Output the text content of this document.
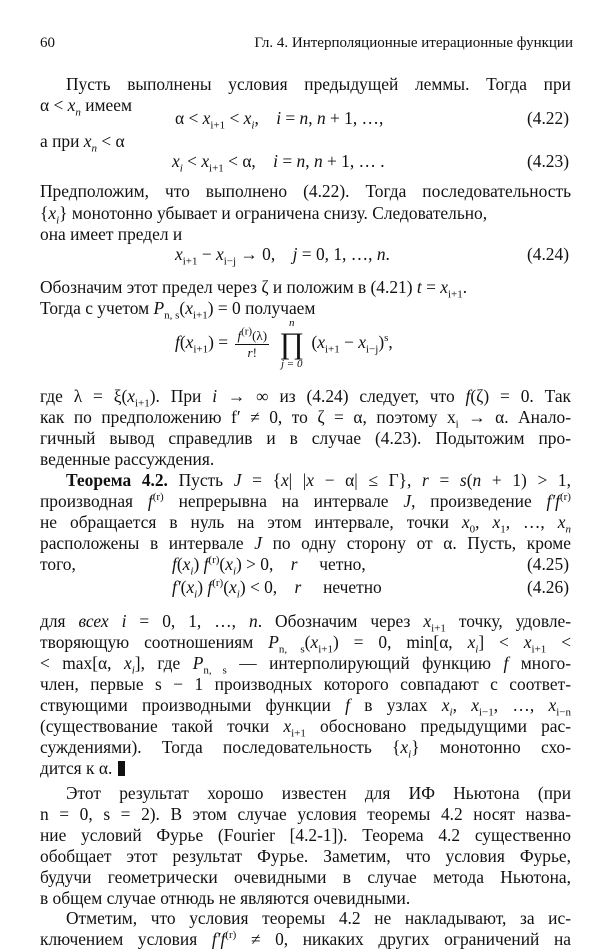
60	Гл. 4. Интерполяционные итерационные функции
Пусть выполнены условия предыдущей леммы. Тогда при
$\alpha < x_n$ имеем
$\alpha < x_{i+1} < x_i$,    i = n, n + 1, …,	(4.22)
а при $x_n < \alpha$
$x_i < x_{i+1} < \alpha$,    i = n, n + 1, … .	(4.23)
Предположим, что выполнено (4.22). Тогда последовательность
$\{x_i\}$ монотонно убывает и ограничена снизу. Следовательно,
она имеет предел и
$x_{i+1} - x_{i-j} \to 0$,    j = 0, 1, …, n.	(4.24)
Обозначим этот предел через ζ и положим в (4.21) $t = x_{i+1}$.
Тогда с учетом $P_{n, s}(x_{i+1}) = 0$ получаем
$f(x_{i+1}) = \frac{f^{(r)}(\lambda)}{r!}$

n
∏
j = 0
$(x_{i+1} - x_{i-j})^s$,
где $\lambda = \xi(x_{i+1})$. При i → ∞ из (4.24) следует, что f(ζ) = 0. Так
как по предположению f′ ≠ 0, то ζ = α, поэтому $x_i \to \alpha$. Анало-
гичный вывод справедлив и в случае (4.23). Подытожим про-
веденные рассуждения.
Теорема 4.2. Пусть J = {x| |x − α| ≤ Γ}, r = s(n + 1) > 1,
производная $f^{(r)}$ непрерывна на интервале J, произведение $f'f^{(r)}$
не обращается в нуль на этом интервале, точки $x_0$, $x_1$, …, $x_n$
расположены в интервале J по одну сторону от α. Пусть, кроме
того,	$f(x_i) f^{(r)}(x_i) > 0$,    r четно,	(4.25)
$f'(x_i) f^{(r)}(x_i) < 0$,    r нечетно	(4.26)
для всех i = 0, 1, …, n. Обозначим через $x_{i+1}$ точку, удовле-
творяющую соотношениям $P_{n, s}(x_{i+1}) = 0$, min[α, $x_i] < x_{i+1}$ <
< max[α, $x_i$], где $P_{n, s}$ — интерполирующий функцию f много-
член, первые s − 1 производных которого совпадают с соответ-
ствующими производными функции f в узлах $x_i$, $x_{i-1}$, …, $x_{i-n}$
(существование такой точки $x_{i+1}$ обосновано предыдущими рас-
суждениями). Тогда последовательность $\{x_i\}$ монотонно схо-
дится к α.
Этот результат хорошо известен для ИФ Ньютона (при
n = 0, s = 2). В этом случае условия теоремы 4.2 носят назва-
ние условий Фурье (Fourier [4.2-1]). Теорема 4.2 существенно
обобщает этот результат Фурье. Заметим, что условия Фурье,
будучи геометрически очевидными в случае метода Ньютона,
в общем случае отнюдь не являются очевидными.
Отметим, что условия теоремы 4.2 не накладывают, за ис-
ключением условия $f'f^{(r)} \ne 0$, никаких других ограничений на
